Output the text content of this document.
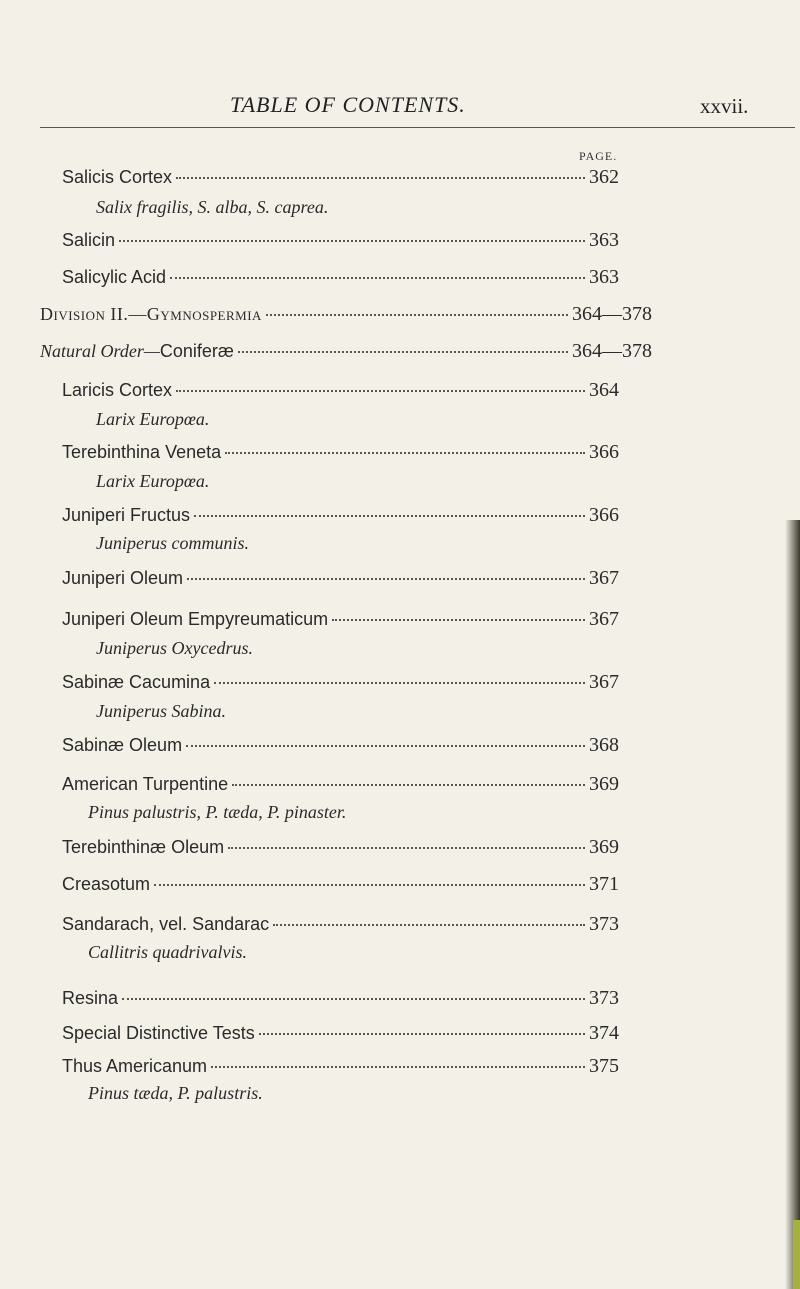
TABLE OF CONTENTS.	xxvii.
PAGE.
Salicis Cortex	362
Salix fragilis, S. alba, S. caprea.
Salicin	363
Salicylic Acid	363
Division II.—Gymnospermia	364—378
Natural Order—Coniferæ	364—378
Laricis Cortex	364
Larix Europœa.
Terebinthina Veneta	366
Larix Europœa.
Juniperi Fructus	366
Juniperus communis.
Juniperi Oleum	367
Juniperi Oleum Empyreumaticum	367
Juniperus Oxycedrus.
Sabinæ Cacumina	367
Juniperus Sabina.
Sabinæ Oleum	368
American Turpentine	369
Pinus palustris, P. tæda, P. pinaster.
Terebinthinæ Oleum	369
Creasotum	371
Sandarach, vel. Sandarac	373
Callitris quadrivalvis.
Resina	373
Special Distinctive Tests	374
Thus Americanum	375
Pinus tæda, P. palustris.
